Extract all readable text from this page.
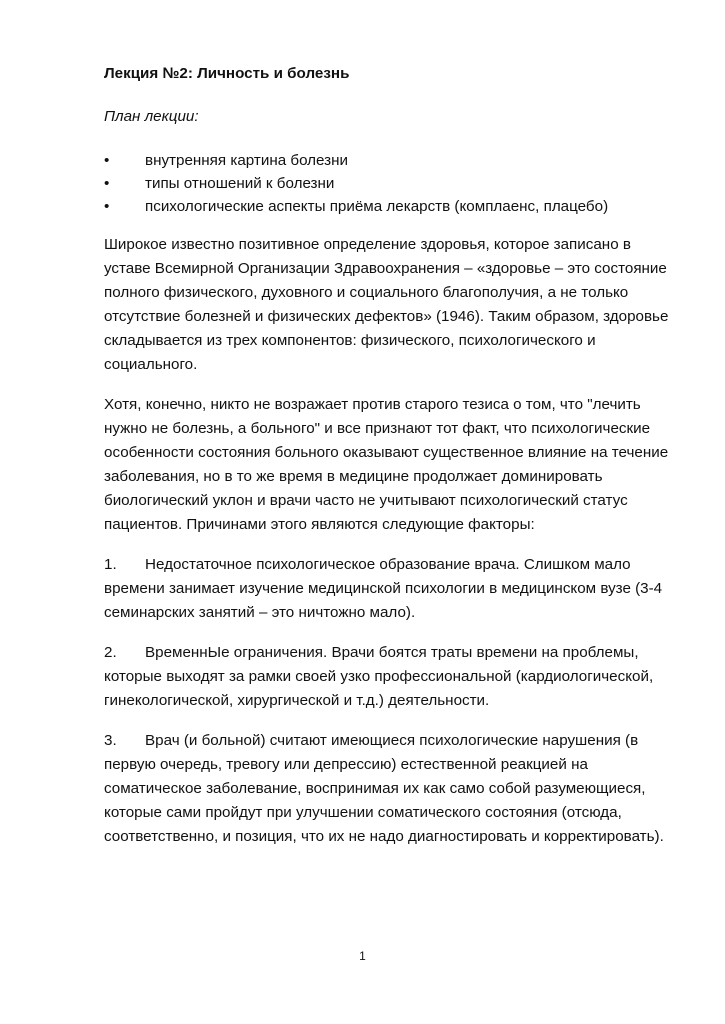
Лекция №2: Личность и болезнь

План лекции:

• внутренняя картина болезни
• типы отношений к болезни
• психологические аспекты приёма лекарств (комплаенс, плацебо)

Широкое известно позитивное определение здоровья, которое записано в уставе Всемирной Организации Здравоохранения – «здоровье – это состояние полного физического, духовного и социального благополучия, а не только отсутствие болезней и физических дефектов» (1946). Таким образом, здоровье складывается из трех компонентов: физического, психологического и социального.

Хотя, конечно, никто не возражает против старого тезиса о том, что "лечить нужно не болезнь, а больного" и все признают тот факт, что психологические особенности состояния больного оказывают существенное влияние на течение заболевания, но в то же время в медицине продолжает доминировать биологический уклон и врачи часто не учитывают психологический статус пациентов. Причинами этого являются следующие факторы:

1. Недостаточное психологическое образование врача. Слишком мало времени занимает изучение медицинской психологии в медицинском вузе (3-4 семинарских занятий – это ничтожно мало).

2. ВременнЫе ограничения. Врачи боятся траты времени на проблемы, которые выходят за рамки своей узко профессиональной (кардиологической, гинекологической, хирургической и т.д.) деятельности.

3. Врач (и больной) считают имеющиеся психологические нарушения (в первую очередь, тревогу или депрессию) естественной реакцией на соматическое заболевание, воспринимая их как само собой разумеющиеся, которые сами пройдут при улучшении соматического состояния (отсюда, соответственно, и позиция, что их не надо диагностировать и корректировать).

1
